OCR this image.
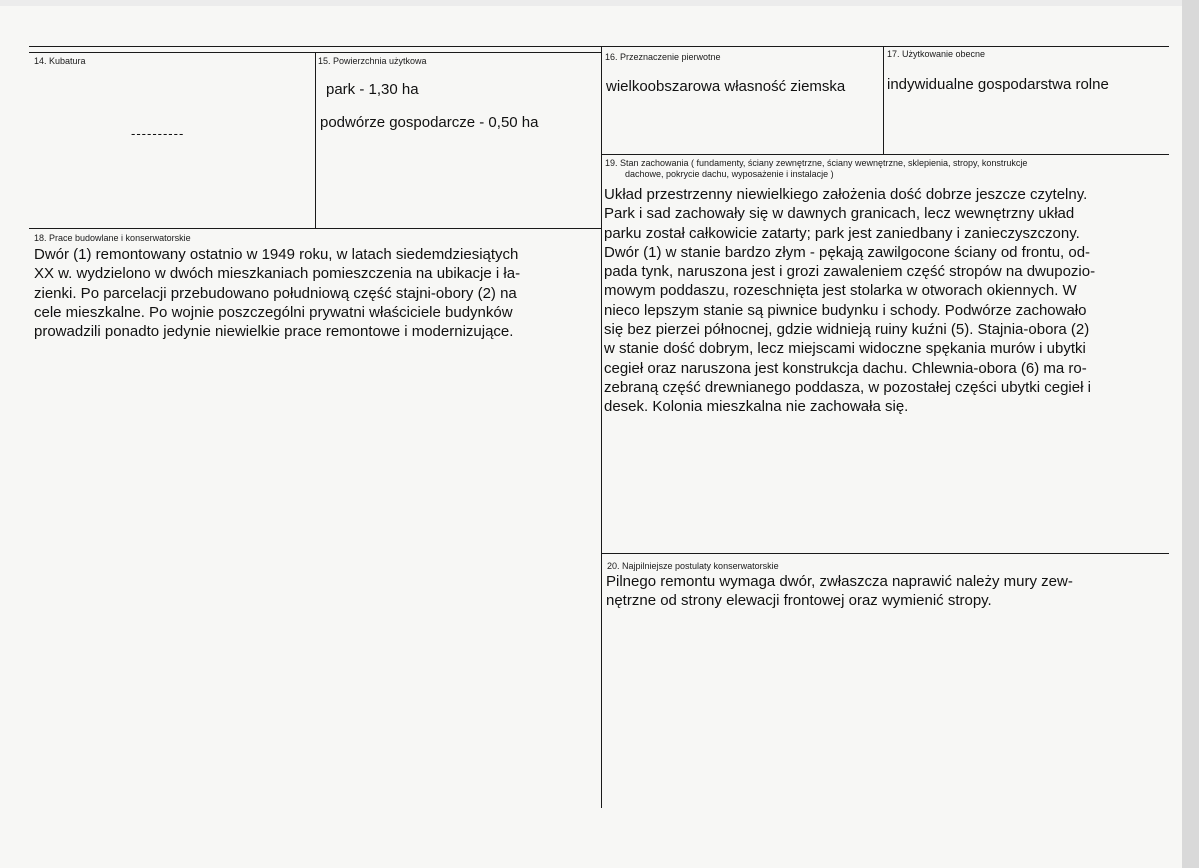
14. Kubatura
----------
15. Powierzchnia użytkowa
park - 1,30 ha
podwórze gospodarcze - 0,50 ha
16. Przeznaczenie pierwotne
wielkoobszarowa własność ziemska
17. Użytkowanie obecne
indywidualne gospodarstwa rolne
18. Prace budowlane i konserwatorskie
Dwór (1) remontowany ostatnio w 1949 roku, w latach siedemdziesiątych
XX w. wydzielono w dwóch mieszkaniach pomieszczenia na ubikacje i ła-
zienki. Po parcelacji przebudowano południową część stajni-obory (2) na
cele mieszkalne. Po wojnie poszczególni prywatni właściciele budynków
prowadzili ponadto jedynie niewielkie prace remontowe i modernizujące.
19. Stan zachowania ( fundamenty, ściany zewnętrzne, ściany wewnętrzne, sklepienia, stropy, konstrukcje
dachowe, pokrycie dachu, wyposażenie i instalacje )
Układ przestrzenny niewielkiego założenia dość dobrze jeszcze czytelny.
Park i sad zachowały się w dawnych granicach, lecz wewnętrzny układ
parku został całkowicie zatarty; park jest zaniedbany i zanieczyszczony.
Dwór (1) w stanie bardzo złym - pękają zawilgocone ściany od frontu, od-
pada tynk, naruszona jest i grozi zawaleniem część stropów na dwupozio-
mowym poddaszu, rozeschnięta jest stolarka w otworach okiennych. W
nieco lepszym stanie są piwnice budynku i schody. Podwórze zachowało
się bez pierzei północnej, gdzie widnieją ruiny kuźni (5). Stajnia-obora (2)
w stanie dość dobrym, lecz miejscami widoczne spękania murów i ubytki
cegieł oraz naruszona jest konstrukcja dachu. Chlewnia-obora (6) ma ro-
zebraną część drewnianego poddasza, w pozostałej części ubytki cegieł i
desek. Kolonia mieszkalna nie zachowała się.
20. Najpilniejsze postulaty konserwatorskie
Pilnego remontu wymaga dwór, zwłaszcza naprawić należy mury zew-
nętrzne od strony elewacji frontowej oraz wymienić stropy.
